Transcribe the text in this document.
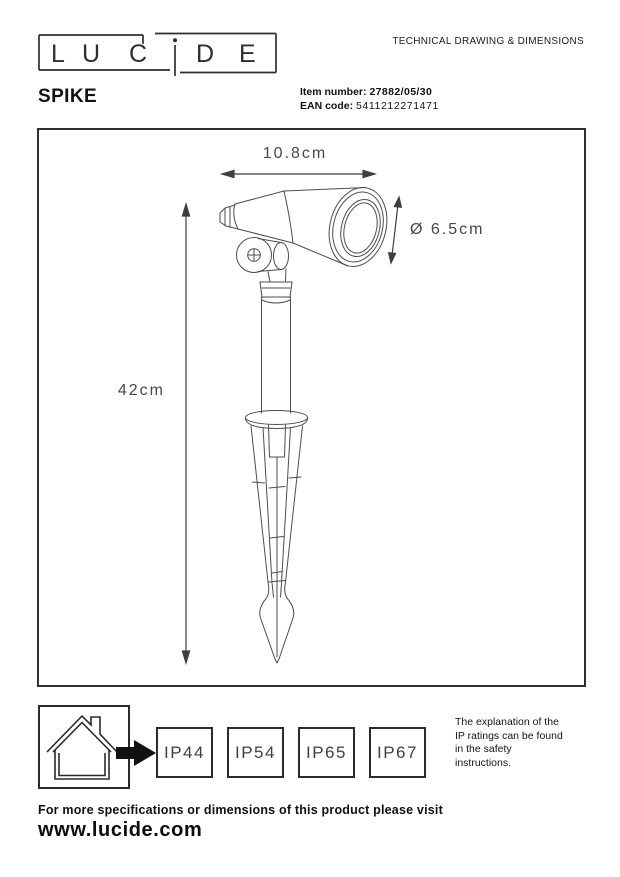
L U C D E	TECHNICAL DRAWING & DIMENSIONS
SPIKE	Item number: 27882/05/30
EAN code: 5411212271471
10.8cm
42cm
Ø 6.5cm
IP44	IP54	IP65	IP67
The explanation of the
IP ratings can be found
in the safety
instructions.
For more specifications or dimensions of this product please visit
www.lucide.com
